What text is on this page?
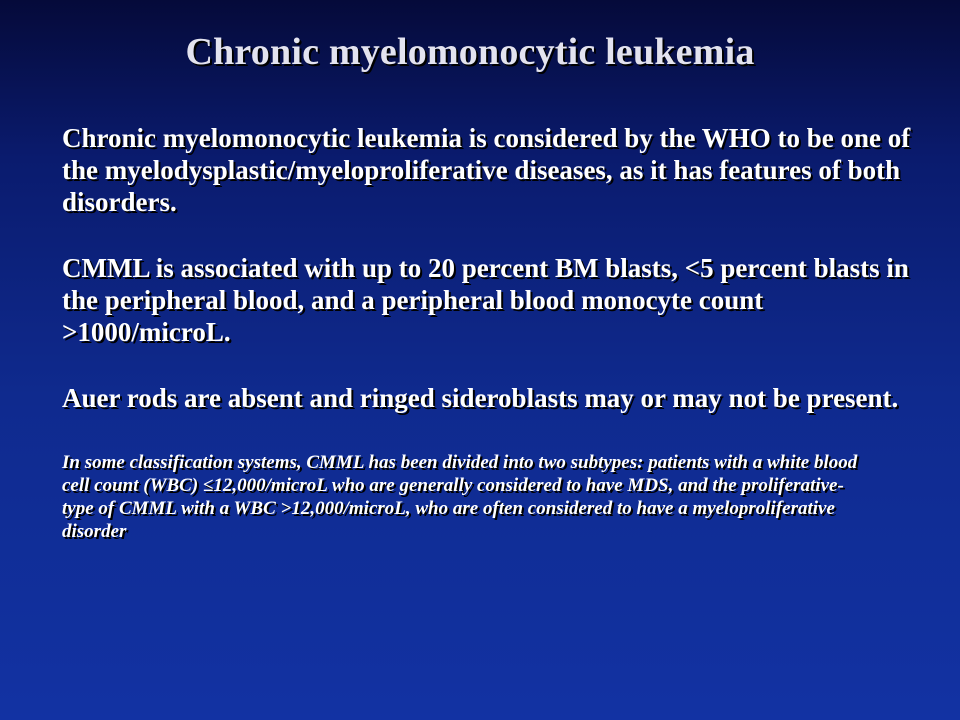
Chronic myelomonocytic leukemia

Chronic myelomonocytic leukemia is considered by the WHO to be one of the myelodysplastic/myeloproliferative diseases, as it has features of both disorders.

CMML is associated with up to 20 percent BM blasts, <5 percent blasts in the peripheral blood, and a peripheral blood monocyte count >1000/microL.

Auer rods are absent and ringed sideroblasts may or may not be present.

In some classification systems, CMML has been divided into two subtypes: patients with a white blood cell count (WBC) ≤12,000/microL who are generally considered to have MDS, and the proliferative-type of CMML with a WBC >12,000/microL, who are often considered to have a myeloproliferative disorder
